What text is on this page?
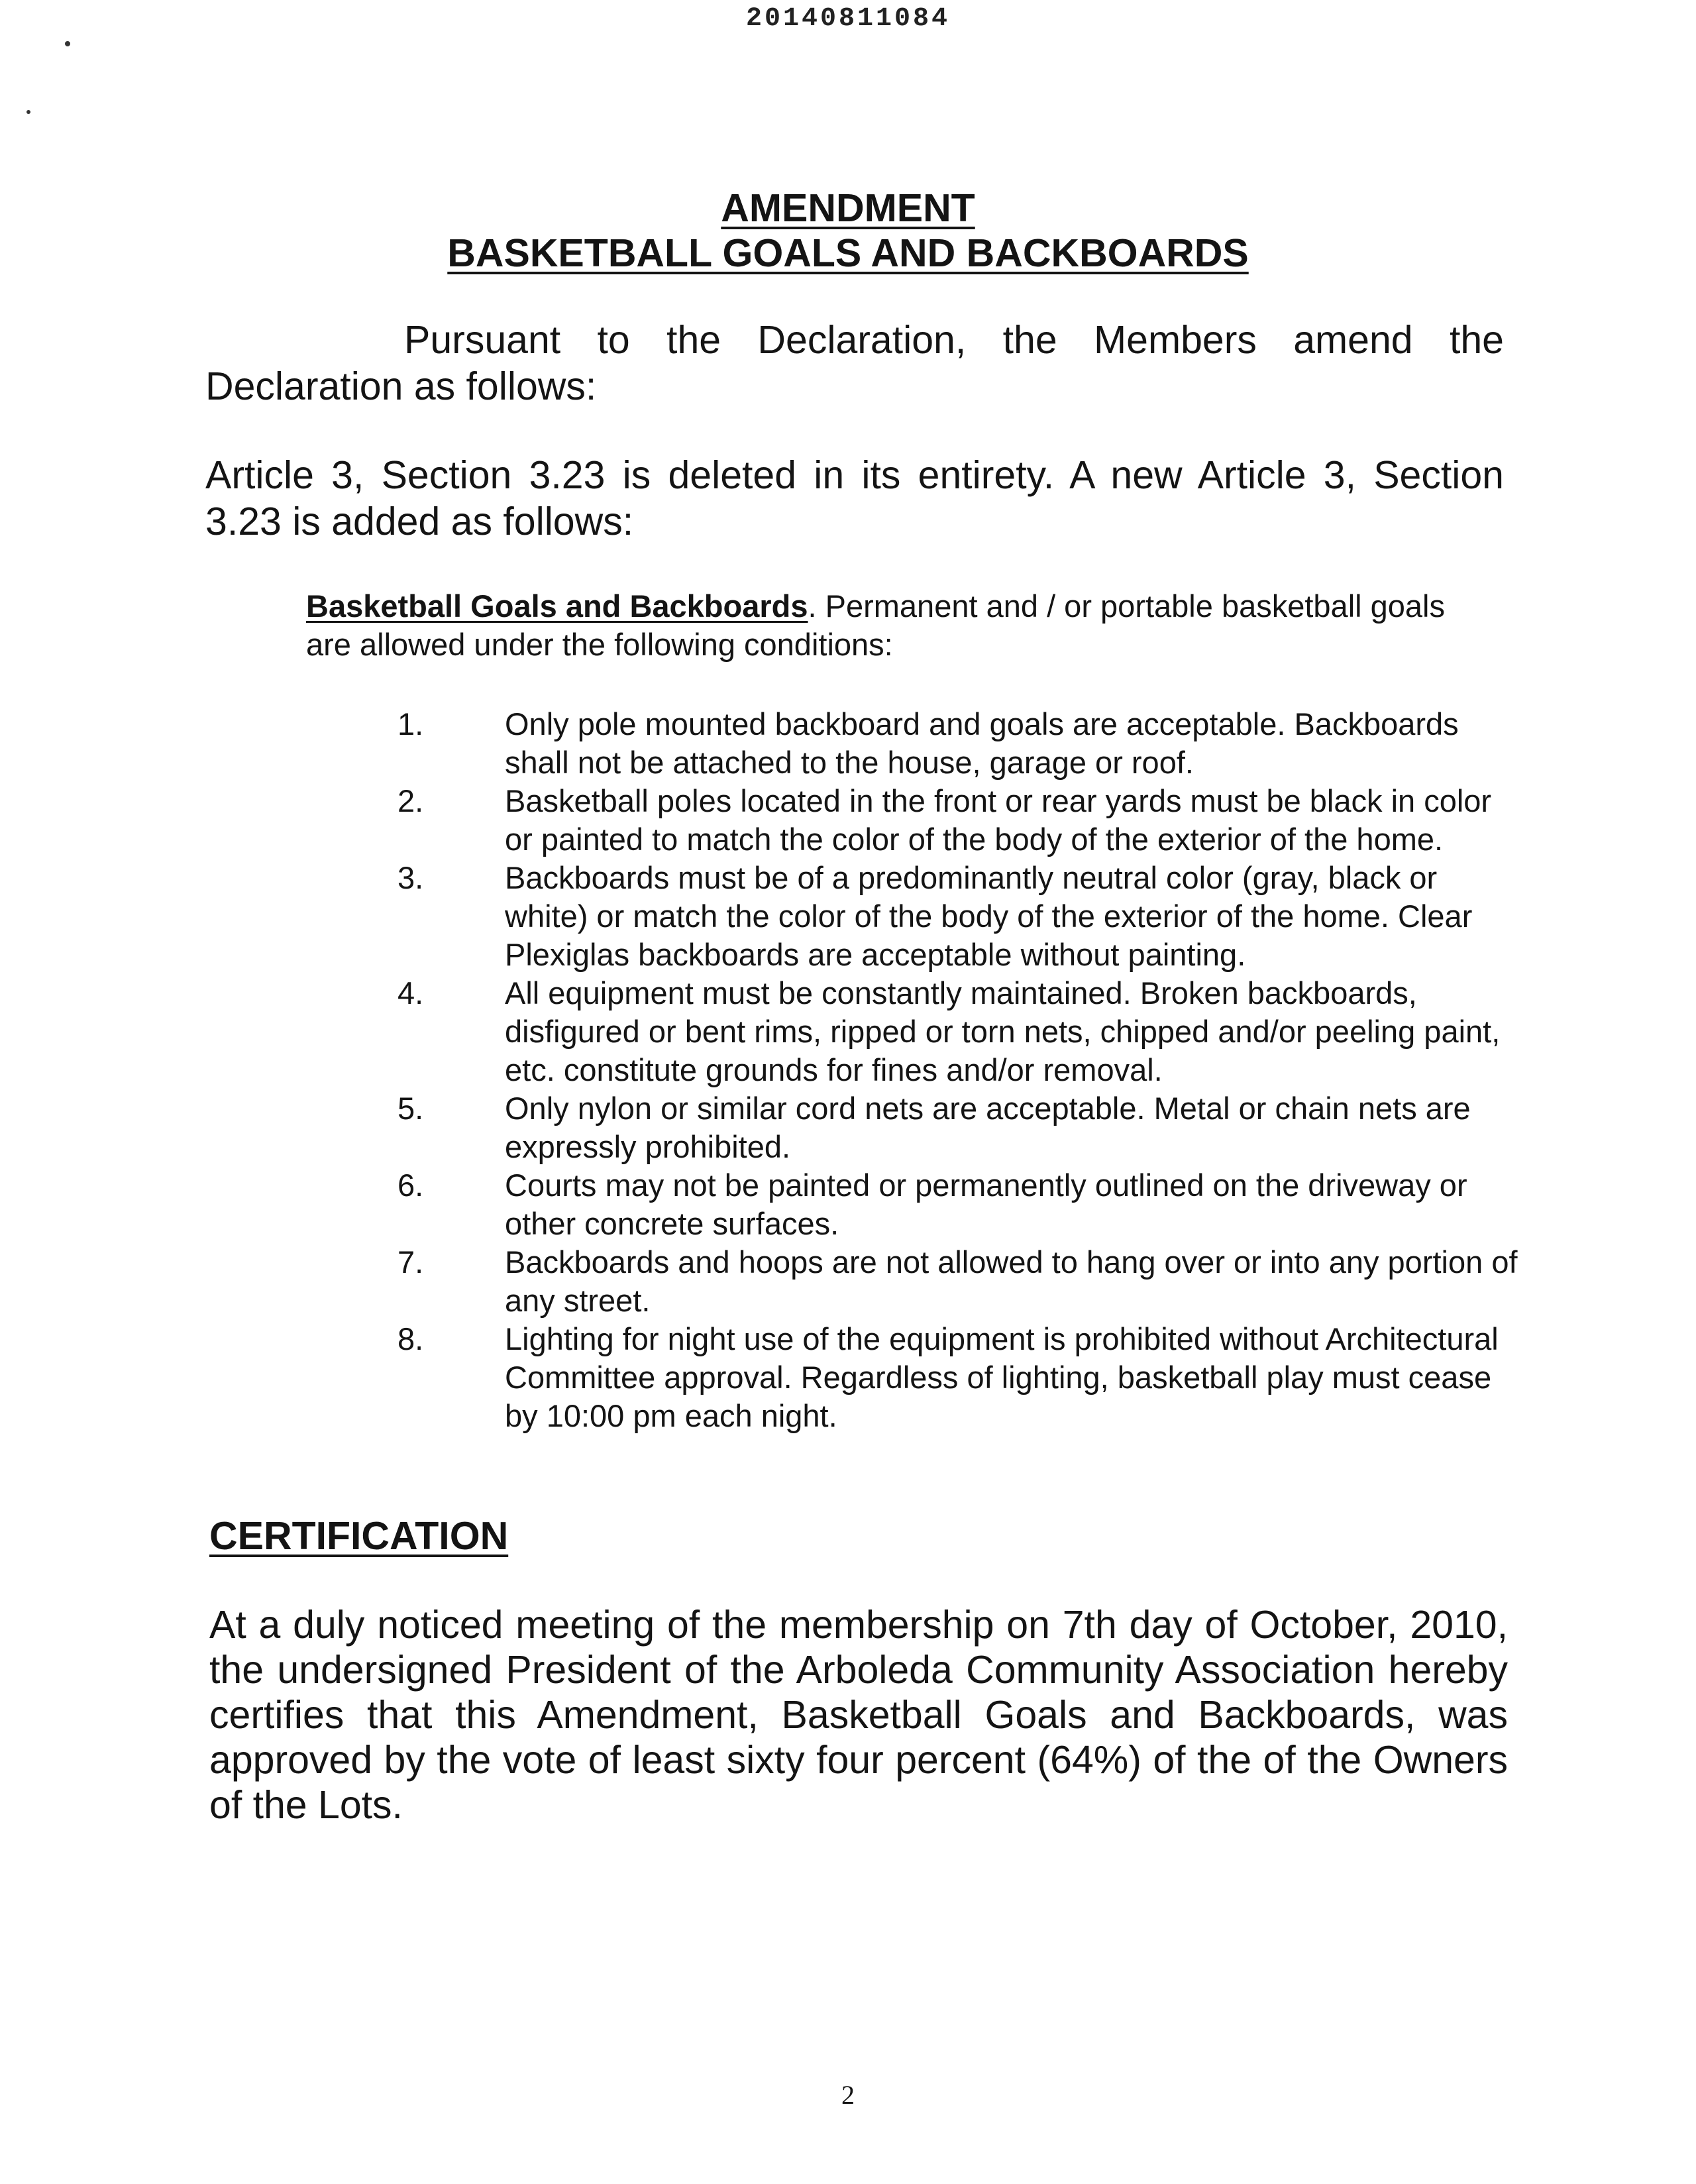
20140811084
AMENDMENT
BASKETBALL GOALS AND BACKBOARDS
Pursuant to the Declaration, the Members amend the
Declaration as follows:
Article 3, Section 3.23 is deleted in its entirety. A new Article 3, Section 3.23 is added as follows:
Basketball Goals and Backboards. Permanent and / or portable basketball goals are allowed under the following conditions:
1.	Only pole mounted backboard and goals are acceptable. Backboards shall not be attached to the house, garage or roof.
2.	Basketball poles located in the front or rear yards must be black in color or painted to match the color of the body of the exterior of the home.
3.	Backboards must be of a predominantly neutral color (gray, black or white) or match the color of the body of the exterior of the home. Clear Plexiglas backboards are acceptable without painting.
4.	All equipment must be constantly maintained. Broken backboards, disfigured or bent rims, ripped or torn nets, chipped and/or peeling paint, etc. constitute grounds for fines and/or removal.
5.	Only nylon or similar cord nets are acceptable. Metal or chain nets are expressly prohibited.
6.	Courts may not be painted or permanently outlined on the driveway or other concrete surfaces.
7.	Backboards and hoops are not allowed to hang over or into any portion of any street.
8.	Lighting for night use of the equipment is prohibited without Architectural Committee approval. Regardless of lighting, basketball play must cease by 10:00 pm each night.
CERTIFICATION
At a duly noticed meeting of the membership on 7th day of October, 2010, the undersigned President of the Arboleda Community Association hereby certifies that this Amendment, Basketball Goals and Backboards, was approved by the vote of least sixty four percent (64%) of the of the Owners of the Lots.
2
